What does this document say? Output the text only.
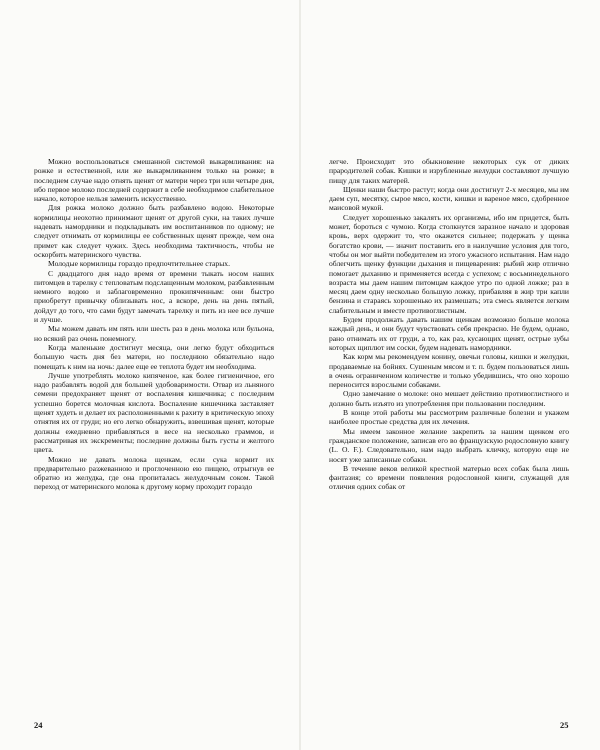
Можно воспользоваться смешанной системой выкармливания: на рожке и естественной, или же выкармливанием только на рожке; в последнем случае надо отнять щенят от матери через три или четыре дня, ибо первое молоко последней содержит в себе необходимое слабительное начало, которое нельзя заменить искусственно.

Для рожка молоко должно быть разбавлено водою. Некоторые кормилицы неохотно принимают щенят от другой суки, на таких лучше надевать намордники и подкладывать им воспитанников по одному; не следует отнимать от кормилицы ее собственных щенят прежде, чем она примет как следует чужих. Здесь необходима тактичность, чтобы не оскорбить материнского чувства.

Молодые кормилицы гораздо предпочтительнее старых.

С двадцатого дня надо время от времени тыкать носом наших питомцев в тарелку с тепловатым подслащенным молоком, разбавленным немного водою и заблаговременно прокипяченным: они быстро приобретут привычку облизывать нос, а вскоре, день на день пятый, дойдут до того, что сами будут замечать тарелку и пить из нее все лучше и лучше.

Мы можем давать им пять или шесть раз в день молока или бульона, но всякий раз очень понемногу.

Когда маленькие достигнут месяца, они легко будут обходиться большую часть дня без матери, но последнюю обязательно надо помещать к ним на ночь: далее еще ее теплота будет им необходима.

Лучше употреблять молоко кипяченое, как более гигиеничное, его надо разбавлять водой для большей удобоваримости. Отвар из льняного семени предохраняет щенят от воспаления кишечника; с последним успешно борется молочная кислота. Воспаление кишечника заставляет щенят худеть и делает их расположенными к рахиту в критическую эпоху отнятия их от груди; но его легко обнаружить, взвешивая щенят, которые должны ежедневно прибавляться в весе на несколько граммов, и рассматривая их экскременты; последние должны быть густы и желтого цвета.

Можно не давать молока щенкам, если сука кормит их предварительно разжеванною и проглоченною ею пищею, отрыгнув ее обратно из желудка, где она пропиталась желудочным соком. Такой переход от материнского молока к другому корму проходит гораздо

легче. Происходит это обыкновение некоторых сук от диких прародителей собак. Кишки и изрубленные желудки составляют лучшую пищу для таких матерей.

Щенки наши быстро растут; когда они достигнут 2-х месяцев, мы им даем суп, месятку, сырое мясо, кости, кишки и вареное мясо, сдобренное маисовой мукой.

Следует хорошенько закалять их организмы, ибо им придется, быть может, бороться с чумою. Когда столкнутся заразное начало и здоровая кровь, верх одержит то, что окажется сильнее; подержать у щенка богатство крови, — значит поставить его в наилучшие условия для того, чтобы он мог выйти победителем из этого ужасного испытания. Нам надо облегчить щенку функции дыхания и пищеварения: рыбий жир отлично помогает дыханию и применяется всегда с успехом; с восьминедельного возраста мы даем нашим питомцам каждое утро по одной ложке; раз в месяц даем одну несколько большую ложку, прибавляя в жир три капли бензина и стараясь хорошенько их размешать; эта смесь является легким слабительным и вместе противоглистным.

Будем продолжать давать нашим щенкам возможно больше молока каждый день, и они будут чувствовать себя прекрасно. Не будем, однако, рано отнимать их от груди, а то, как раз, кусающих щенят, острые зубы которых щиплют им соски, будем надевать намордники.

Как корм мы рекомендуем конину, овечьи головы, кишки и желудки, продаваемые на бойнях. Сушеным мясом и т. п. будем пользоваться лишь в очень ограниченном количестве и только убедившись, что оно хорошо переносится взрослыми собаками.

Одно замечание о молоке: оно мешает действию противоглистного и должно быть изъято из употребления при пользовании последним.

В конце этой работы мы рассмотрим различные болезни и укажем наиболее простые средства для их лечения.

Мы имеем законное желание закрепить за нашим щенком его гражданское положение, записав его во французскую родословную книгу (L. O. F.). Следовательно, нам надо выбрать кличку, которую еще не носят уже записанные собаки.

В течение веков великой крестной матерью всех собак была лишь фантазия; со времени появления родословной книги, служащей для отличия одних собак от

24	25
